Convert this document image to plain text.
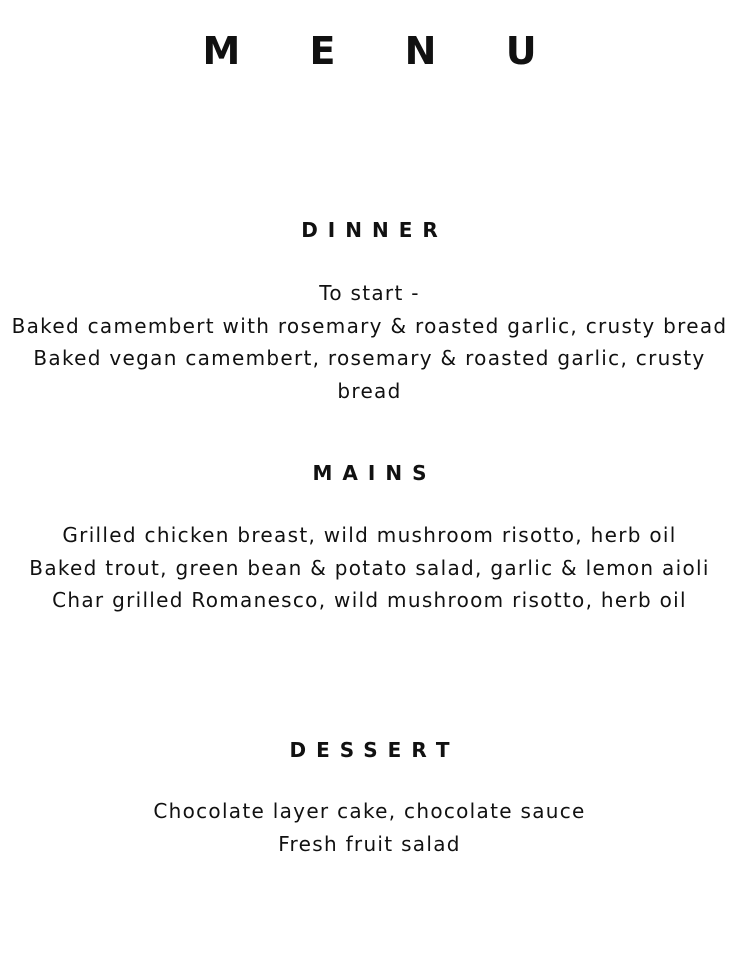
M E N U
DINNER
To start -
Baked camembert with rosemary & roasted garlic, crusty bread
Baked vegan camembert, rosemary & roasted garlic, crusty bread
MAINS
Grilled chicken breast, wild mushroom risotto, herb oil
Baked trout, green bean & potato salad, garlic & lemon aioli
Char grilled Romanesco, wild mushroom risotto, herb oil
DESSERT
Chocolate layer cake, chocolate sauce
Fresh fruit salad
